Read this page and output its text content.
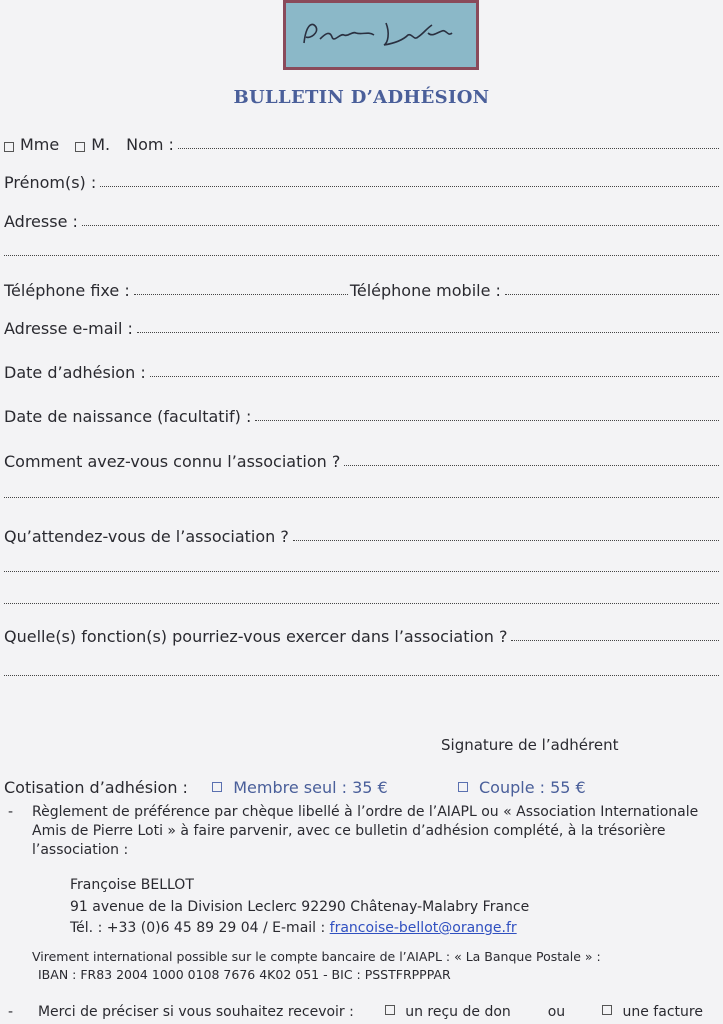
BULLETIN D’ADHÉSION
Mme M. Nom :
Prénom(s) :
Adresse :
Téléphone fixe :	Téléphone mobile :
Adresse e-mail :
Date d’adhésion :
Date de naissance (facultatif) :
Comment avez-vous connu l’association ?
Qu’attendez-vous de l’association ?
Quelle(s) fonction(s) pourriez-vous exercer dans l’association ?
Signature de l’adhérent
Cotisation d’adhésion :	Membre seul : 35 €	Couple : 55 €
- Règlement de préférence par chèque libellé à l’ordre de l’AIAPL ou « Association Internationale
Amis de Pierre Loti » à faire parvenir, avec ce bulletin d’adhésion complété, à la trésorière
l’association :
Françoise BELLOT
91 avenue de la Division Leclerc 92290 Châtenay-Malabry France
Tél. : +33 (0)6 45 89 29 04 / E-mail : francoise-bellot@orange.fr
Virement international possible sur le compte bancaire de l’AIAPL : « La Banque Postale » :
IBAN : FR83 2004 1000 0108 7676 4K02 051 - BIC : PSSTFRPPPAR
- Merci de préciser si vous souhaitez recevoir :	un reçu de don	ou	une facture
